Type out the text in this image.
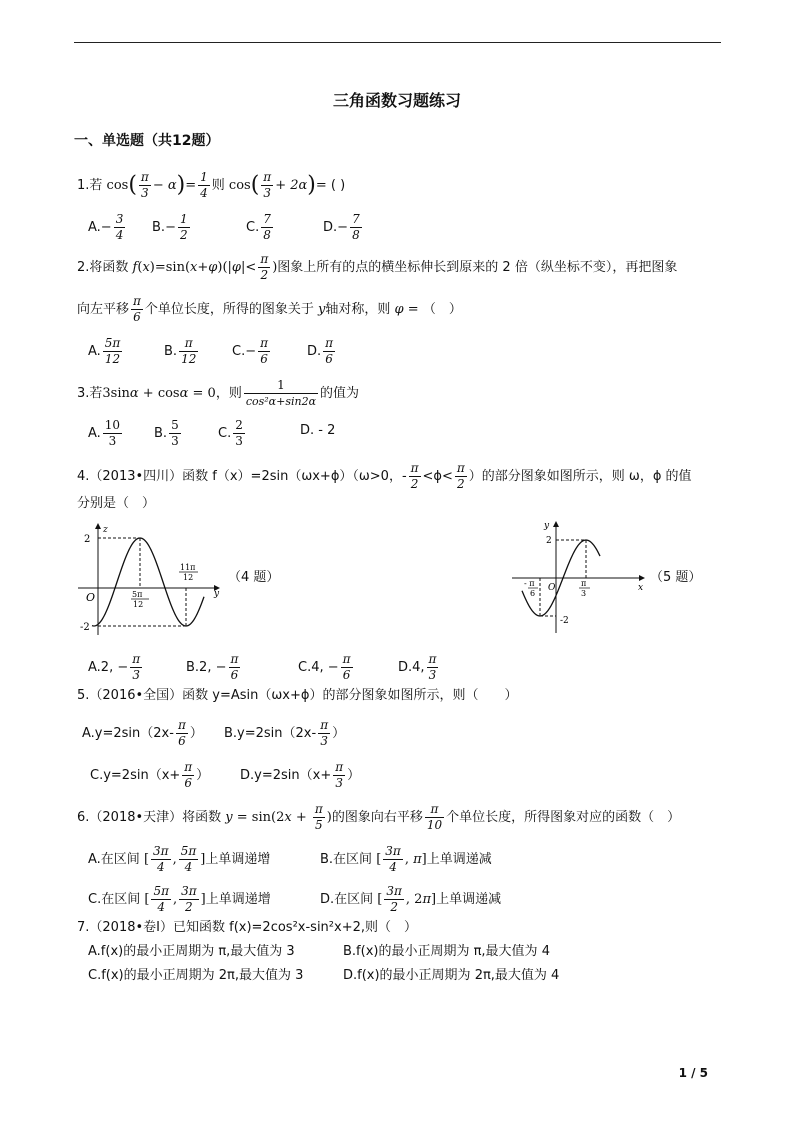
三角函数习题练习
一、单选题（共12题）
1.若 $\cos( \frac{\pi}{3} - \alpha)= \frac{1}{4}$ 则 $\cos( \frac{\pi}{3} + 2\alpha)=$ ( )
$A.- \frac{3}{4} B.- \frac{1}{2}$	C. $\frac{7}{8}$	$D.- \frac{7}{8}$
2.将函数 $f(x)=\sin(x+\varphi)(|\varphi|< \frac{\pi}{2}$ )图象上所有的点的横坐标伸长到原来的 2 倍（纵坐标不变），再把图象
向左平移 $\frac{\pi}{6}$ 个单位长度，所得的图象关于 y轴对称，则 φ = （　）
A. $\frac{5\pi}{12}$	B. $\frac{\pi}{12}$	$C.- \frac{\pi}{6}$	D. $\frac{\pi}{6}$
3.若3sinα + cosα = 0，则 $\frac{1}{\text{cos²α+sin2α}}$ 的值为
A. $\frac{10}{3} B$. $\frac{5}{3}$	C. $\frac{2}{3}$	D. - 2
4.（2013•四川）函数 f（x）=2sin（ωx+ϕ）（ω>0，- $\frac{\pi}{2} <\phi< \frac{\pi}{2}$ ）的部分图象如图所示，则 ω，ϕ 的值
分别是（　）
z
2
-2
O	y
5π
12
11π
12	（4 题）
y
2
-2
O	x
- π
6
π
3
（5 题）
A.2, − $\frac{\pi}{3}$	B.2, − $\frac{\pi}{6}$	C.4, − $\frac{\pi}{6}$	D.4, $\frac{\pi}{3}$
5.（2016•全国）函数 y=Asin（ωx+ϕ）的部分图象如图所示，则（　　）
$A.y=2\sin(2x- \frac{\pi}{6}$ ） $B.y=2\sin(2x- \frac{\pi}{3}$ ）
$C.y=2\sin(x+ \frac{\pi}{6}$ ） $D.y=2\sin(x+ \frac{\pi}{3}$ ）
6.（2018•天津）将函数 $y = \sin(2x + \frac{\pi}{5}$ )的图象向右平移 $\frac{\pi}{10}$ 个单位长度，所得图象对应的函数（　）
A.在区间 [ $\frac{3\pi}{4}$ , $\frac{5\pi}{4}$ ]上单调递增	B.在区间 [ $\frac{3\pi}{4}$ , π]上单调递减
C.在区间 [ $\frac{5\pi}{4}$ , $\frac{3\pi}{2}$ ]上单调递增	D.在区间 [ $\frac{3\pi}{2}$ , 2π]上单调递减
7.（2018•卷Ⅰ）已知函数 f(x)=2cos²x-sin²x+2,则（　）
A.f(x)的最小正周期为 π,最大值为 3	B.f(x)的最小正周期为 π,最大值为 4
C.f(x)的最小正周期为 2π,最大值为 3	D.f(x)的最小正周期为 2π,最大值为 4
1 / 5
